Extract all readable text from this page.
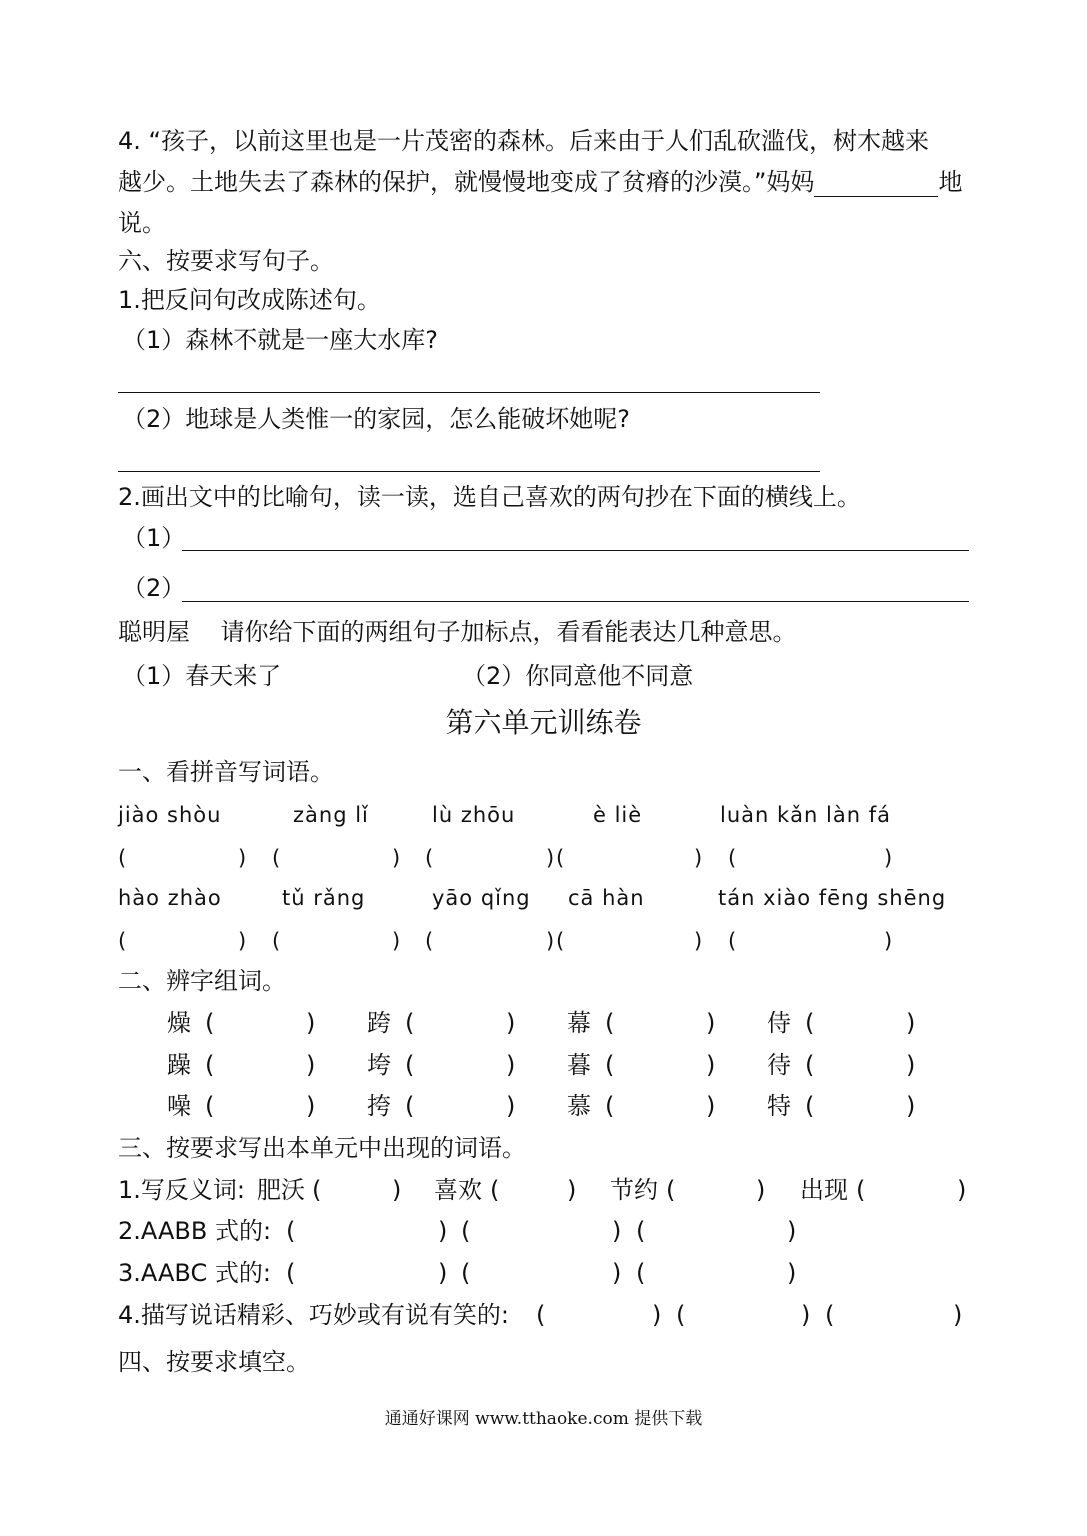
4. “孩子，以前这里也是一片茂密的森林。后来由于人们乱砍滥伐，树木越来
越少。土地失去了森林的保护，就慢慢地变成了贫瘠的沙漠。”妈妈	地
说。
六、按要求写句子。
1.把反问句改成陈述句。
（1）森林不就是一座大水库?
（2）地球是人类惟一的家园，怎么能破坏她呢?
2.画出文中的比喻句，读一读，选自己喜欢的两句抄在下面的横线上。
（1）
（2）
聪明屋    请你给下面的两组句子加标点，看看能表达几种意思。
（1）春天来了	（2）你同意他不同意
第六单元训练卷
一、看拼音写词语。
jiào shòu	zàng lǐ	lù zhōu	è liè	luàn kǎn làn fá
(	) (	) (	) (	) (	)
hào zhào	tǔ rǎng	yāo qǐng cā hàn	tán xiào fēng shēng
(	) (	) (	) (	) (	)
二、辨字组词。
燥 (	) 跨 (	) 幕 (	) 侍 (	)
躁 (	) 垮 (	) 暮 (	) 待 (	)
噪 (	) 挎 (	) 慕 (	) 特 (	)
三、按要求写出本单元中出现的词语。
1.写反义词: 肥沃 (	) 喜欢 (	) 节约 (	) 出现 (	)
2.AABB 式的: (	) (	) (	)
3.AABC 式的: (	) (	) (	)
4.描写说话精彩、巧妙或有说有笑的: (	) (	) (	)
四、按要求填空。
通通好课网 www.tthaoke.com 提供下载
